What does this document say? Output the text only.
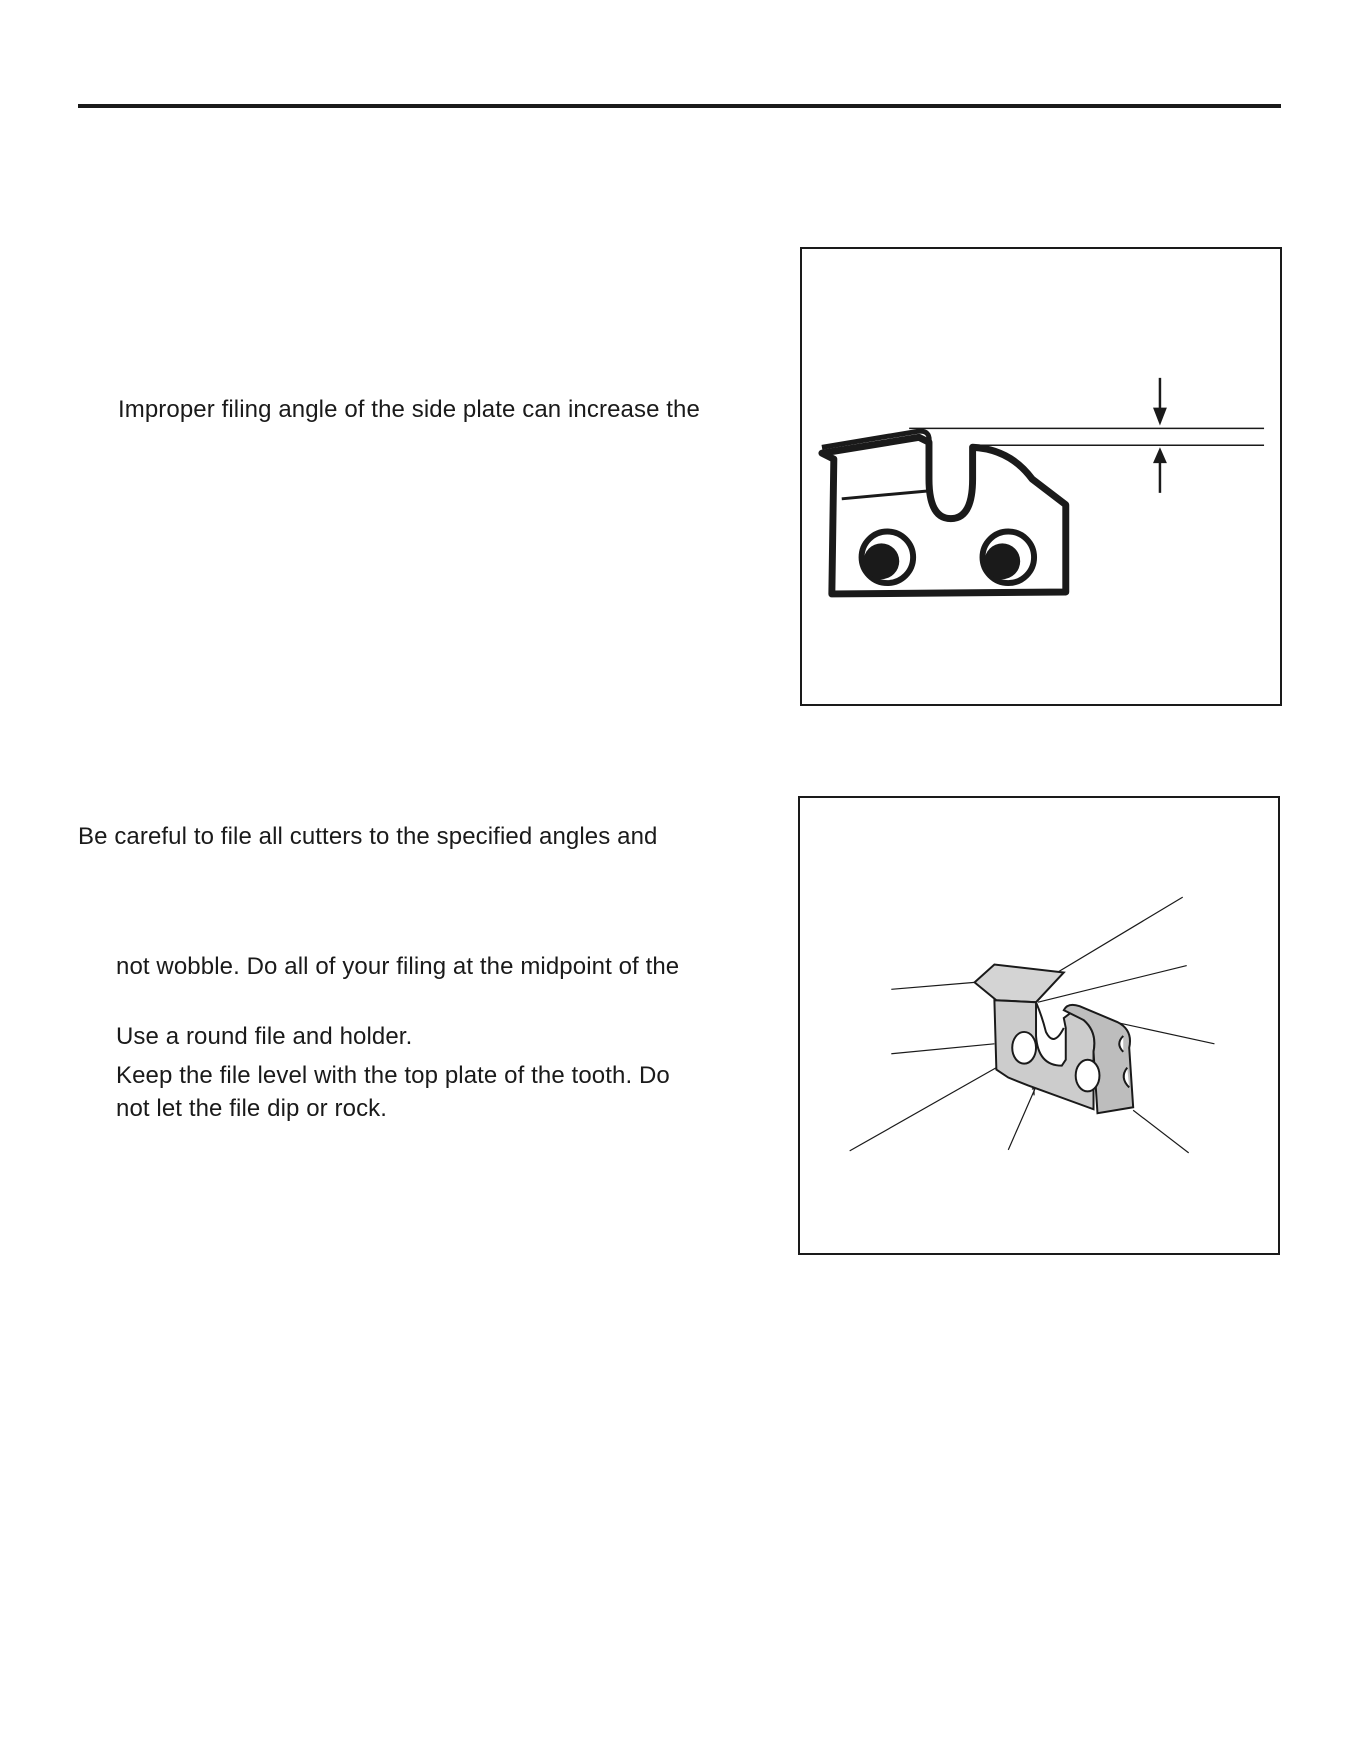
Improper filing angle of the side plate can increase the
Be careful to file all cutters to the specified angles and
not wobble. Do all of your filing at the midpoint of the
Use a round file and holder.
Keep the file level with the top plate of the tooth. Do
not let the file dip or rock.
